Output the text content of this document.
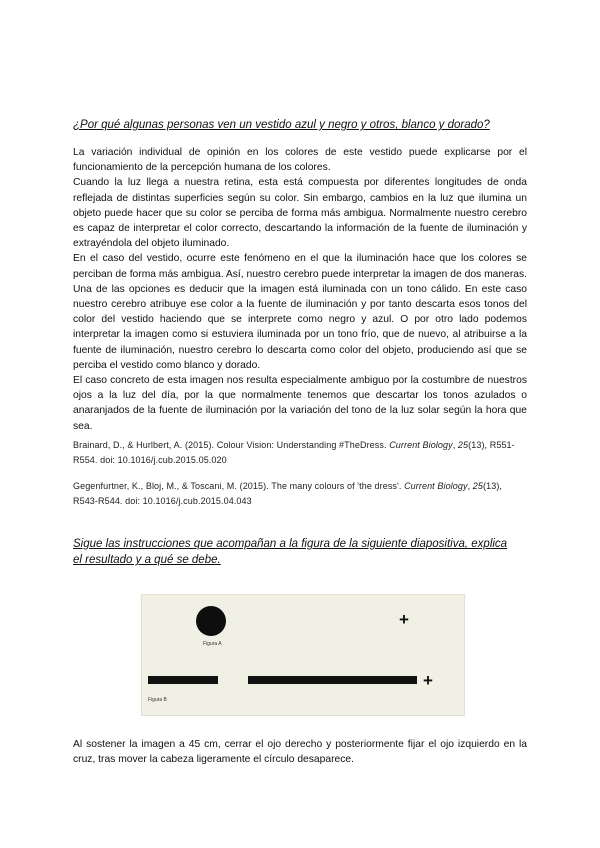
¿Por qué algunas personas ven un vestido azul y negro y otros, blanco y dorado?

La variación individual de opinión en los colores de este vestido puede explicarse por el funcionamiento de la percepción humana de los colores.

Cuando la luz llega a nuestra retina, esta está compuesta por diferentes longitudes de onda reflejada de distintas superficies según su color. Sin embargo, cambios en la luz que ilumina un objeto puede hacer que su color se perciba de forma más ambigua. Normalmente nuestro cerebro es capaz de interpretar el color correcto, descartando la información de la fuente de iluminación y extrayéndola del objeto iluminado.

En el caso del vestido, ocurre este fenómeno en el que la iluminación hace que los colores se perciban de forma más ambigua. Así, nuestro cerebro puede interpretar la imagen de dos maneras. Una de las opciones es deducir que la imagen está iluminada con un tono cálido. En este caso nuestro cerebro atribuye ese color a la fuente de iluminación y por tanto descarta esos tonos del color del vestido haciendo que se interprete como negro y azul. O por otro lado podemos interpretar la imagen como si estuviera iluminada por un tono frío, que de nuevo, al atribuirse a la fuente de iluminación, nuestro cerebro lo descarta como color del objeto, produciendo así que se perciba el vestido como blanco y dorado.

El caso concreto de esta imagen nos resulta especialmente ambiguo por la costumbre de nuestros ojos a la luz del día, por la que normalmente tenemos que descartar los tonos azulados o anaranjados de la fuente de iluminación por la variación del tono de la luz solar según la hora que sea.

Brainard, D., & Hurlbert, A. (2015). Colour Vision: Understanding #TheDress. Current Biology, 25(13), R551-R554. doi: 10.1016/j.cub.2015.05.020

Gegenfurtner, K., Bloj, M., & Toscani, M. (2015). The many colours of 'the dress'. Current Biology, 25(13), R543-R544. doi: 10.1016/j.cub.2015.04.043

Sigue las instrucciones que acompañan a la figura de la siguiente diapositiva, explica el resultado y a qué se debe.

Figura A
+
+
Figura B

Al sostener la imagen a 45 cm, cerrar el ojo derecho y posteriormente fijar el ojo izquierdo en la cruz, tras mover la cabeza ligeramente el círculo desaparece.
